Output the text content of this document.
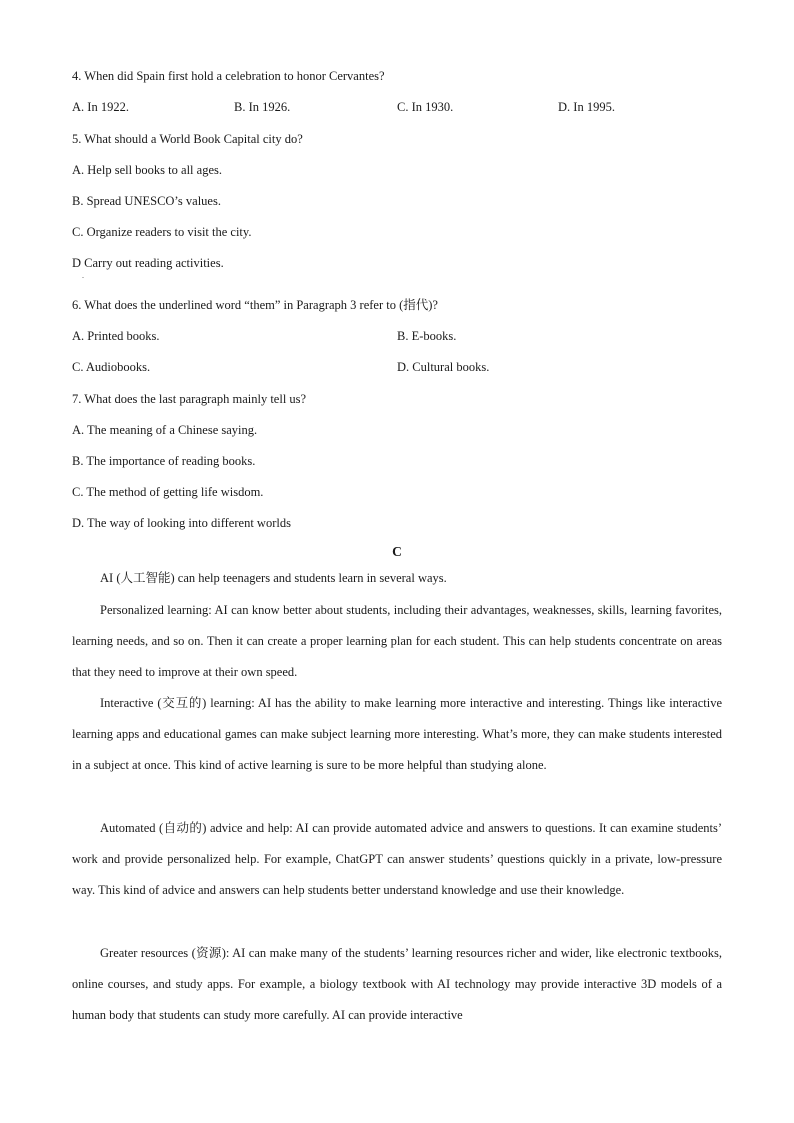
4. When did Spain first hold a celebration to honor Cervantes?
A. In 1922.	B. In 1926.	C. In 1930.	D. In 1995.
5. What should a World Book Capital city do?
A. Help sell books to all ages.
B. Spread UNESCO’s values.
C. Organize readers to visit the city.
D Carry out reading activities.
.
6. What does the underlined word “them” in Paragraph 3 refer to (指代)?
A. Printed books.	B. E-books.
C. Audiobooks.	D. Cultural books.
7. What does the last paragraph mainly tell us?
A. The meaning of a Chinese saying.
B. The importance of reading books.
C. The method of getting life wisdom.
D. The way of looking into different worlds
C

AI (人工智能) can help teenagers and students learn in several ways.

Personalized learning: AI can know better about students, including their advantages, weaknesses, skills, learning favorites, learning needs, and so on. Then it can create a proper learning plan for each student. This can help students concentrate on areas that they need to improve at their own speed.

Interactive (交互的) learning: AI has the ability to make learning more interactive and interesting. Things like interactive learning apps and educational games can make subject learning more interesting. What’s more, they can make students interested in a subject at once. This kind of active learning is sure to be more helpful than studying alone.

Automated (自动的) advice and help: AI can provide automated advice and answers to questions. It can examine students’ work and provide personalized help. For example, ChatGPT can answer students’ questions quickly in a private, low-pressure way. This kind of advice and answers can help students better understand knowledge and use their knowledge.

Greater resources (资源): AI can make many of the students’ learning resources richer and wider, like electronic textbooks, online courses, and study apps. For example, a biology textbook with AI technology may provide interactive 3D models of a human body that students can study more carefully. AI can provide interactive
